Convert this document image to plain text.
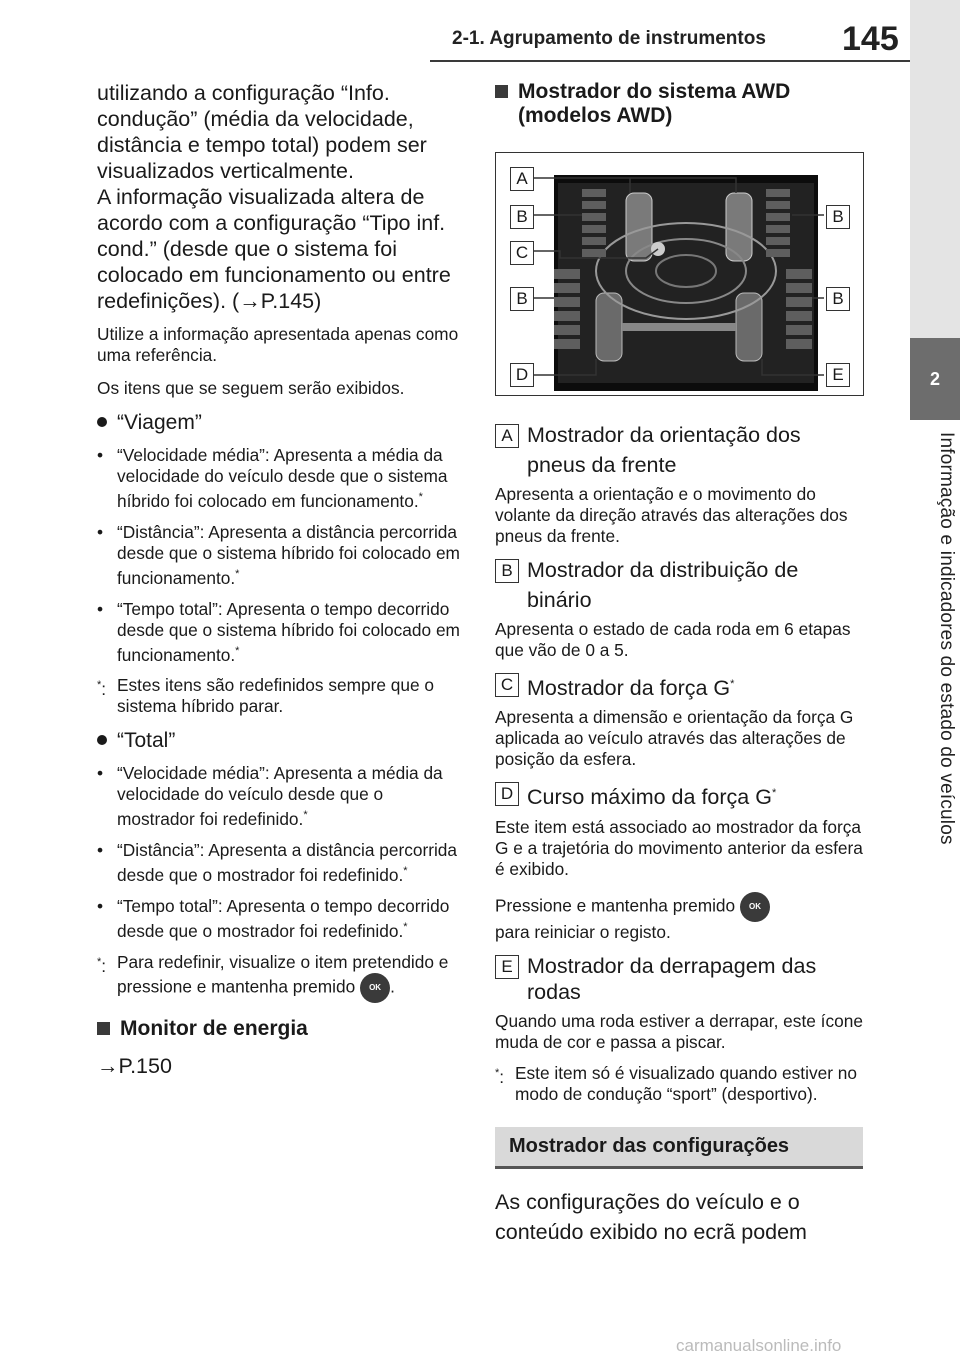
2-1. Agrupamento de instrumentos 145
2
Informação e indicadores do estado do veículos
utilizando a configuração “Info. condução” (média da velocidade, distância e tempo total) podem ser visualizados verticalmente.
A informação visualizada altera de acordo com a configuração “Tipo inf. cond.” (desde que o sistema foi colocado em funcionamento ou entre redefinições). (→P.145)
Utilize a informação apresentada apenas como uma referência.
Os itens que se seguem serão exibidos.
“Viagem”
• “Velocidade média”: Apresenta a média da velocidade do veículo desde que o sistema híbrido foi colocado em funcionamento.*
• “Distância”: Apresenta a distância percorrida desde que o sistema híbrido foi colocado em funcionamento.*
• “Tempo total”: Apresenta o tempo decorrido desde que o sistema híbrido foi colocado em funcionamento.*
*: Estes itens são redefinidos sempre que o sistema híbrido parar.
“Total”
• “Velocidade média”: Apresenta a média da velocidade do veículo desde que o mostrador foi redefinido.*
• “Distância”: Apresenta a distância percorrida desde que o mostrador foi redefinido.*
• “Tempo total”: Apresenta o tempo decorrido desde que o mostrador foi redefinido.*
*: Para redefinir, visualize o item pretendido e pressione e mantenha premido OK .
Monitor de energia
→P.150
Mostrador do sistema AWD (modelos AWD)
A
B
C
B
D
B
B
E
A Mostrador da orientação dos pneus da frente
Apresenta a orientação e o movimento do volante da direção através das alterações dos pneus da frente.
B Mostrador da distribuição de binário
Apresenta o estado de cada roda em 6 etapas que vão de 0 a 5.
C Mostrador da força G*
Apresenta a dimensão e orientação da força G aplicada ao veículo através das alterações de posição da esfera.
D Curso máximo da força G*
Este item está associado ao mostrador da força G e a trajetória do movimento anterior da esfera é exibido.
Pressione e mantenha premido OK
para reiniciar o registo.
E Mostrador da derrapagem das rodas
Quando uma roda estiver a derrapar, este ícone muda de cor e passa a piscar.
*: Este item só é visualizado quando estiver no modo de condução “sport” (desportivo).
Mostrador das configurações
As configurações do veículo e o conteúdo exibido no ecrã podem
carmanualsonline.info
